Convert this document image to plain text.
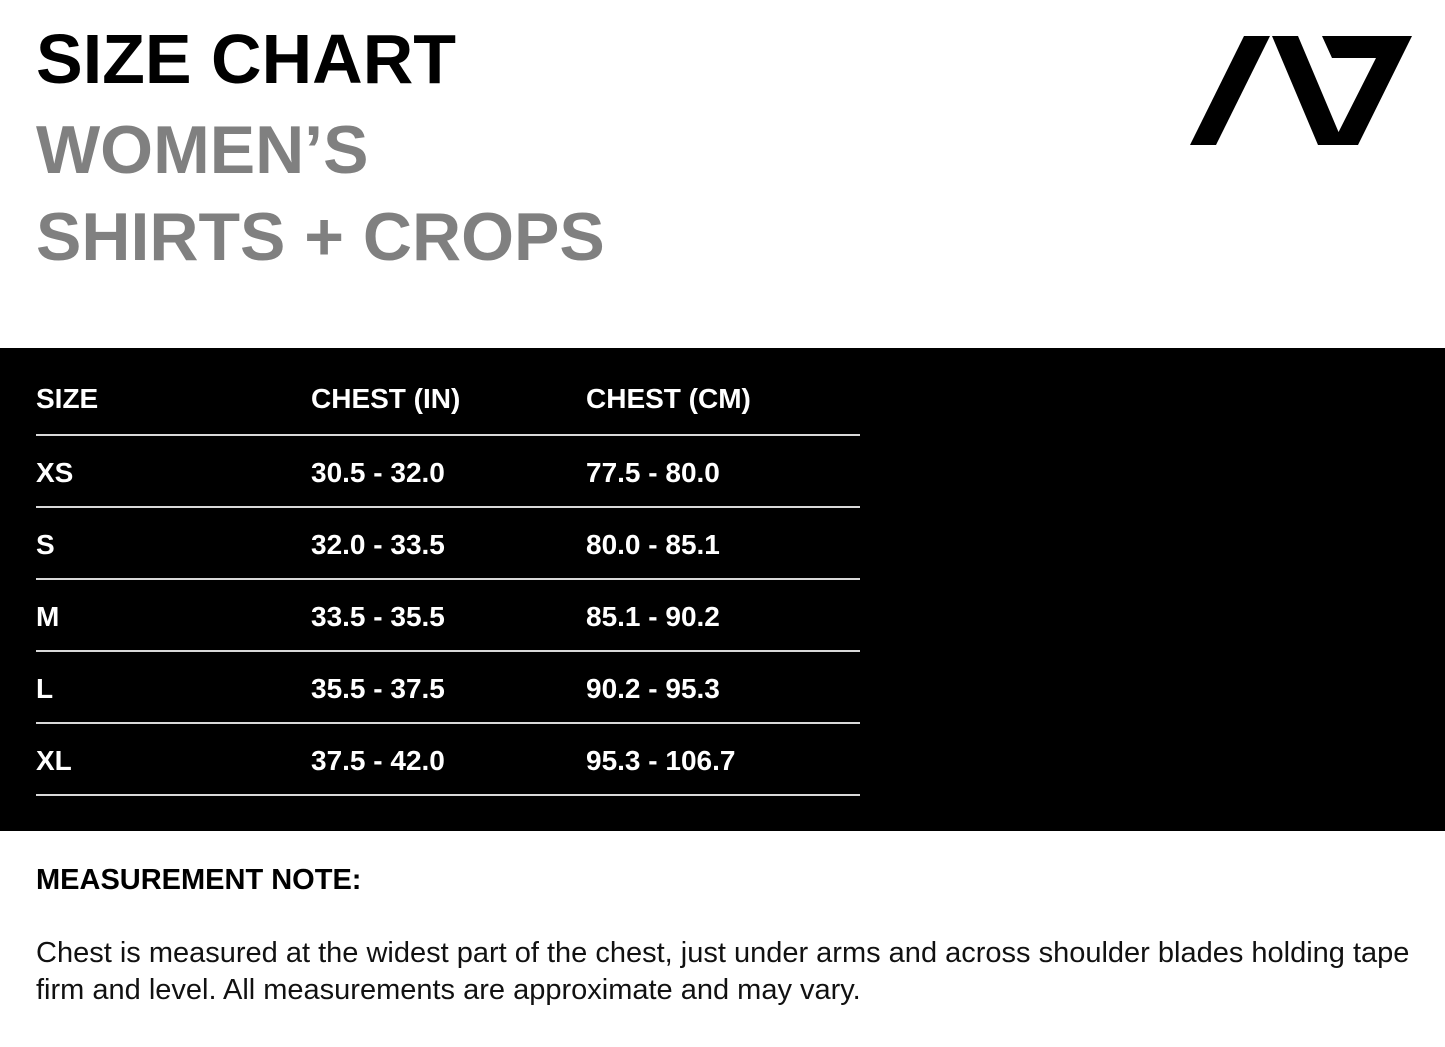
SIZE CHART
WOMEN’S
SHIRTS + CROPS
SIZE	CHEST (IN)	CHEST (CM)
XS	30.5 - 32.0	77.5 - 80.0
S	32.0 - 33.5	80.0 - 85.1
M	33.5 - 35.5	85.1 - 90.2
L	35.5 - 37.5	90.2 - 95.3
XL	37.5 - 42.0	95.3 - 106.7
MEASUREMENT NOTE:

Chest is measured at the widest part of the chest, just under arms and across shoulder blades holding tape firm and level. All measurements are approximate and may vary.
